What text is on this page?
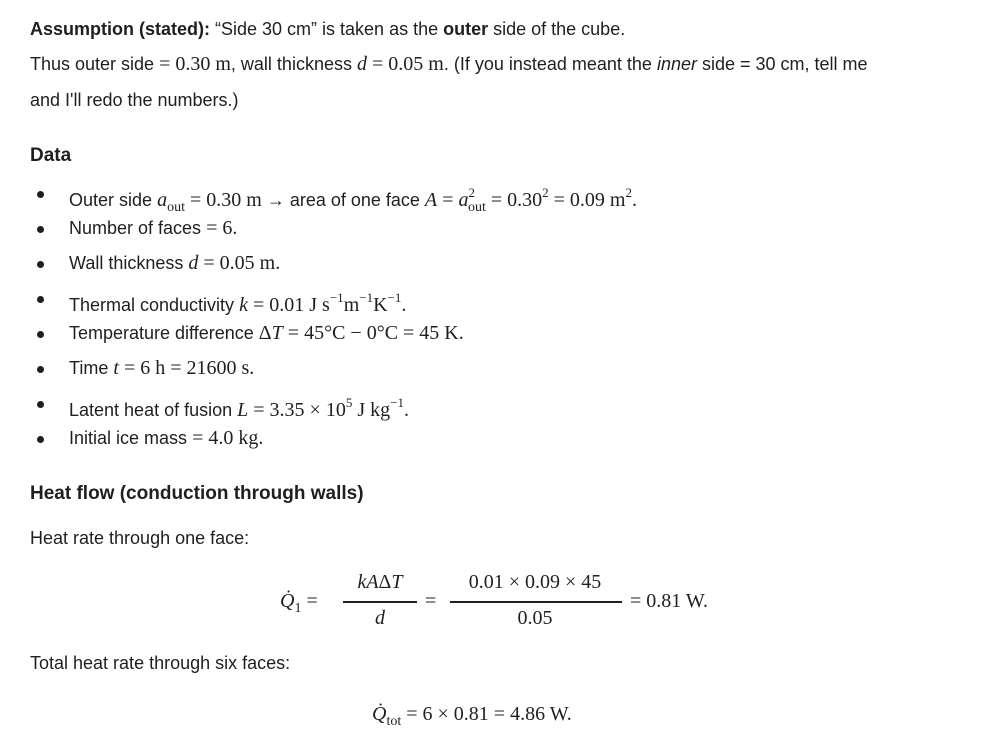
Assumption (stated): “Side 30 cm” is taken as the outer side of the cube.
Thus outer side = 0.30 m, wall thickness d = 0.05 m. (If you instead meant the inner side = 30 cm, tell me
and I'll redo the numbers.)
Data
Outer side $a_{out} = 0.30$ m → area of one face $A = a^2_{out} = 0.30^2 = 0.09$ $m^2$.
Number of faces = 6.
Wall thickness d = 0.05 m.
Thermal conductivity k = 0.01 J $s^{-1}m^{-1}K^{-1}$.
Temperature difference ΔT = 45°C − 0°C = 45 K.
Time t = 6 h = 21600 s.
Latent heat of fusion $L = 3.35 \times 10^5$ J $kg^{-1}$.
Initial ice mass = 4.0 kg.
Heat flow (conduction through walls)
Heat rate through one face:
$Q̇_1$ =
kAΔT
d
=
0.01 × 0.09 × 45
0.05
= 0.81 W.
Total heat rate through six faces:
$Q̇_{tot} = 6 \times 0.81 = 4.86$ W.
